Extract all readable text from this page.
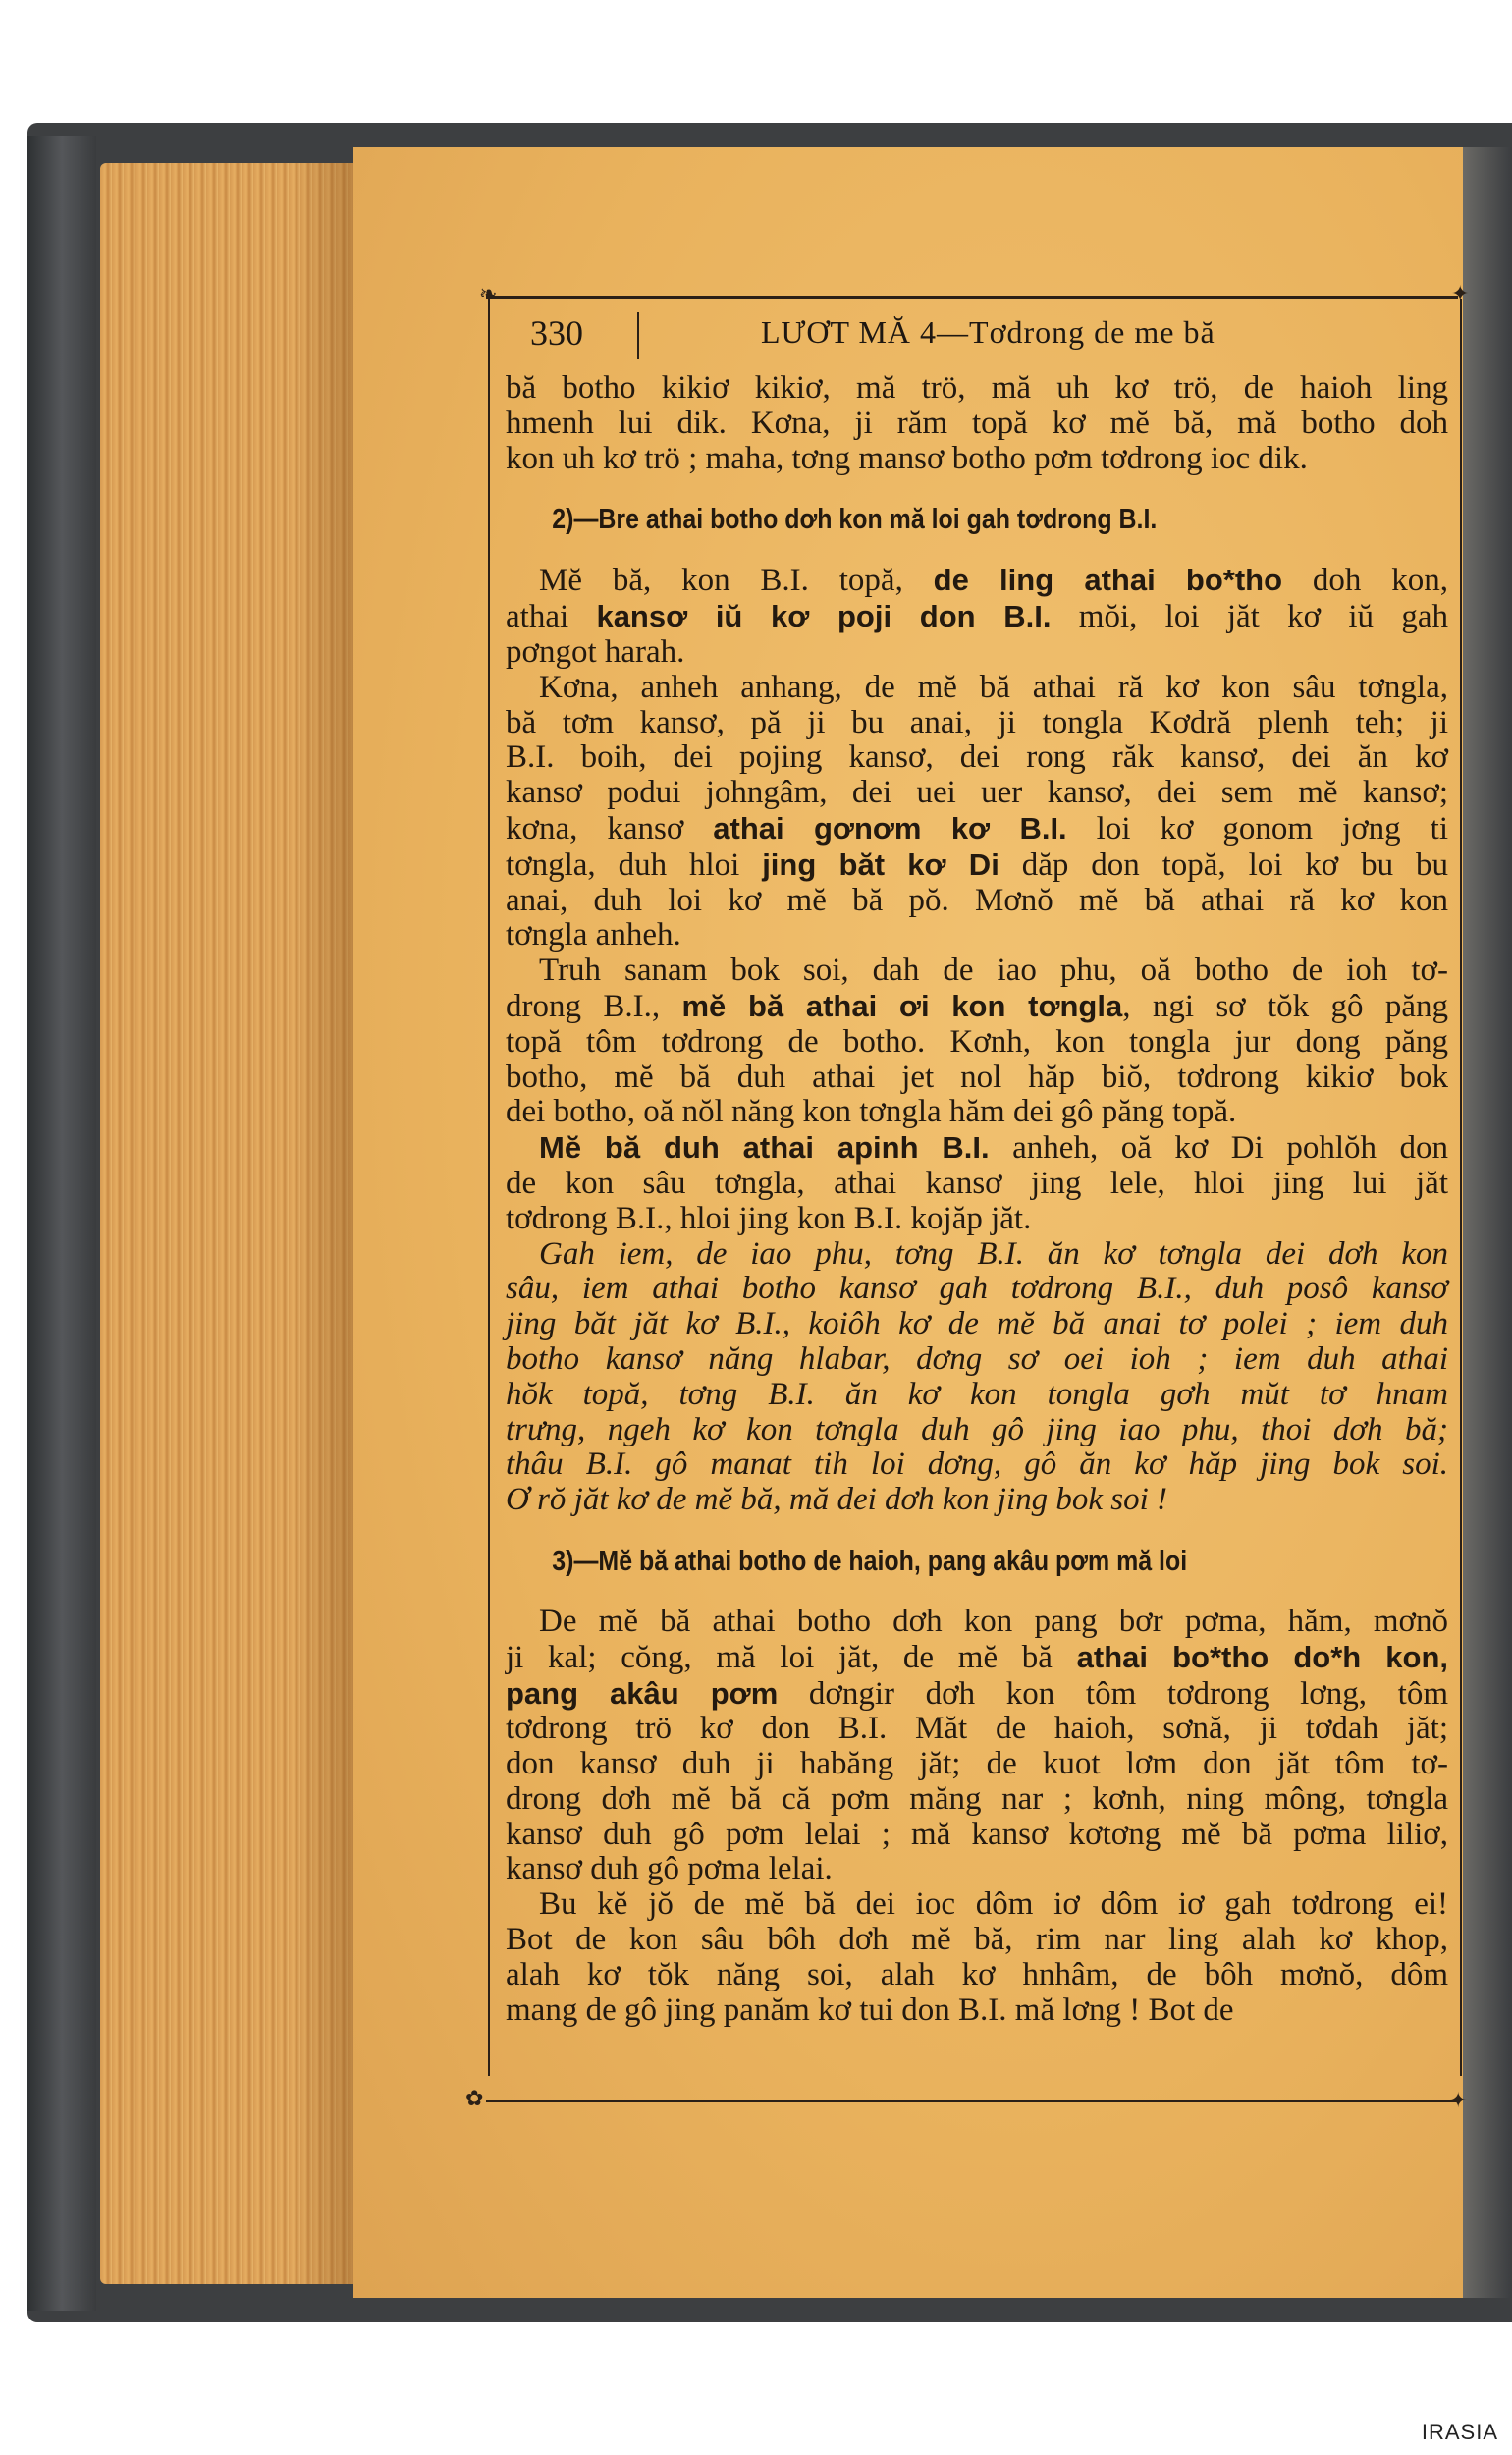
❧	✦
✿	✦
330	LƯƠT MĂ 4—Tơdrong de me bă
bă botho kikiơ kikiơ, mă trö, mă uh kơ trö, de haioh ling
hmenh lui dik. Kơna, ji răm topă kơ mĕ bă, mă botho doh
kon uh kơ trö ; maha, tơng mansơ botho pơm tơdrong ioc dik.
2)—Bre athai botho dơh kon mă loi gah tơdrong B.I.
Mĕ bă, kon B.I. topă, de ling athai bo*tho doh kon,
athai kansơ iŭ kơ poji don B.I. mŏi, loi jăt kơ iŭ gah
pơngot harah.
Kơna, anheh anhang, de mĕ bă athai ră kơ kon sâu tơngla,
bă tơm kansơ, pă ji bu anai, ji tongla Kơdră plenh teh; ji
B.I. boih, dei pojing kansơ, dei rong răk kansơ, dei ăn kơ
kansơ podui johngâm, dei uei uer kansơ, dei sem mĕ kansơ;
kơna, kansơ athai gơnơm kơ B.I. loi kơ gonom jơng ti
tơngla, duh hloi jing băt kơ Di dăp don topă, loi kơ bu bu
anai, duh loi kơ mĕ bă pŏ. Mơnŏ mĕ bă athai ră kơ kon
tơngla anheh.
Truh sanam bok soi, dah de iao phu, oă botho de ioh tơ-
drong B.I., mĕ bă athai ơi kon tơngla, ngi sơ tŏk gô păng
topă tôm tơdrong de botho. Kơnh, kon tongla jur dong păng
botho, mĕ bă duh athai jet nol hăp biŏ, tơdrong kikiơ bok
dei botho, oă nŏl năng kon tơngla hăm dei gô păng topă.
Mĕ bă duh athai apinh B.I. anheh, oă kơ Di pohlŏh don
de kon sâu tơngla, athai kansơ jing lele, hloi jing lui jăt
tơdrong B.I., hloi jing kon B.I. kojăp jăt.
Gah iem, de iao phu, tơng B.I. ăn kơ tơngla dei dơh kon
sâu, iem athai botho kansơ gah tơdrong B.I., duh posô kansơ
jing băt jăt kơ B.I., koiôh kơ de mĕ bă anai tơ polei ; iem duh
botho kansơ năng hlabar, dơng sơ oei ioh ; iem duh athai
hŏk topă, tơng B.I. ăn kơ kon tongla gơh mŭt tơ hnam
trưng, ngeh kơ kon tơngla duh gô jing iao phu, thoi dơh bă;
thâu B.I. gô manat tih loi dơng, gô ăn kơ hăp jing bok soi.
Ơ rŏ jăt kơ de mĕ bă, mă dei dơh kon jing bok soi !
3)—Mĕ bă athai botho de haioh, pang akâu pơm mă loi
De mĕ bă athai botho dơh kon pang bơr pơma, hăm, mơnŏ
ji kal; cŏng, mă loi jăt, de mĕ bă athai bo*tho do*h kon,
pang akâu pơm dơngir dơh kon tôm tơdrong lơng, tôm
tơdrong trö kơ don B.I. Măt de haioh, sơnă, ji tơdah jăt;
don kansơ duh ji habăng jăt; de kuot lơm don jăt tôm tơ-
drong dơh mĕ bă că pơm măng nar ; kơnh, ning mông, tơngla
kansơ duh gô pơm lelai ; mă kansơ kơtơng mĕ bă pơma liliơ,
kansơ duh gô pơma lelai.
Bu kĕ jŏ de mĕ bă dei ioc dôm iơ dôm iơ gah tơdrong ei!
Bot de kon sâu bôh dơh mĕ bă, rim nar ling alah kơ khop,
alah kơ tŏk năng soi, alah kơ hnhâm, de bôh mơnŏ, dôm
mang de gô jing panăm kơ tui don B.I. mă lơng ! Bot de
IRASIA
